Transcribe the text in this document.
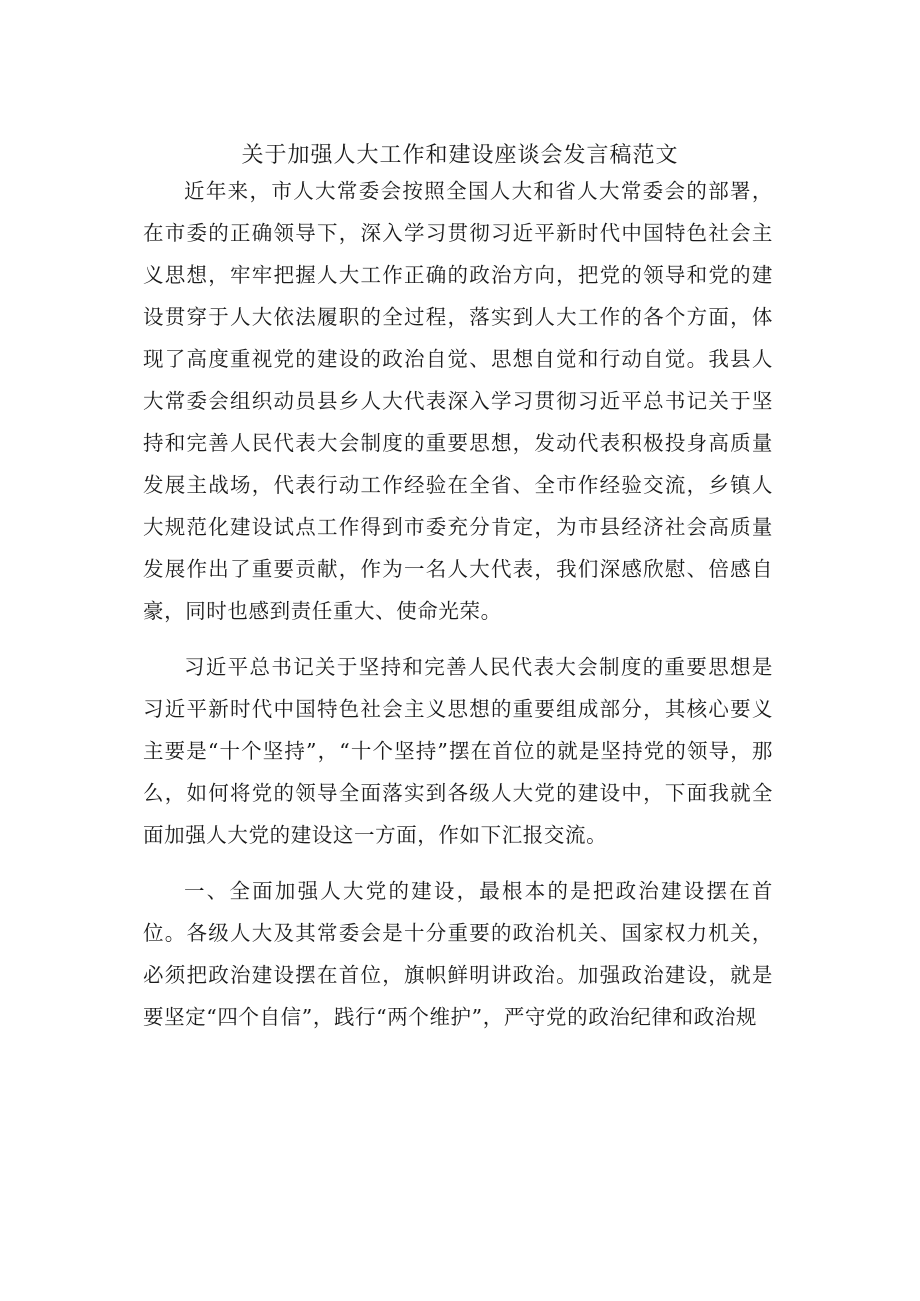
关于加强人大工作和建设座谈会发言稿范文

近年来，市人大常委会按照全国人大和省人大常委会的部署，在市委的正确领导下，深入学习贯彻习近平新时代中国特色社会主义思想，牢牢把握人大工作正确的政治方向，把党的领导和党的建设贯穿于人大依法履职的全过程，落实到人大工作的各个方面，体现了高度重视党的建设的政治自觉、思想自觉和行动自觉。我县人大常委会组织动员县乡人大代表深入学习贯彻习近平总书记关于坚持和完善人民代表大会制度的重要思想，发动代表积极投身高质量发展主战场，代表行动工作经验在全省、全市作经验交流，乡镇人大规范化建设试点工作得到市委充分肯定，为市县经济社会高质量发展作出了重要贡献，作为一名人大代表，我们深感欣慰、倍感自豪，同时也感到责任重大、使命光荣。

习近平总书记关于坚持和完善人民代表大会制度的重要思想是习近平新时代中国特色社会主义思想的重要组成部分，其核心要义主要是“十个坚持”，“十个坚持”摆在首位的就是坚持党的领导，那么，如何将党的领导全面落实到各级人大党的建设中，下面我就全面加强人大党的建设这一方面，作如下汇报交流。

一、全面加强人大党的建设，最根本的是把政治建设摆在首位。各级人大及其常委会是十分重要的政治机关、国家权力机关，必须把政治建设摆在首位，旗帜鲜明讲政治。加强政治建设，就是要坚定“四个自信”，践行“两个维护”，严守党的政治纪律和政治规
